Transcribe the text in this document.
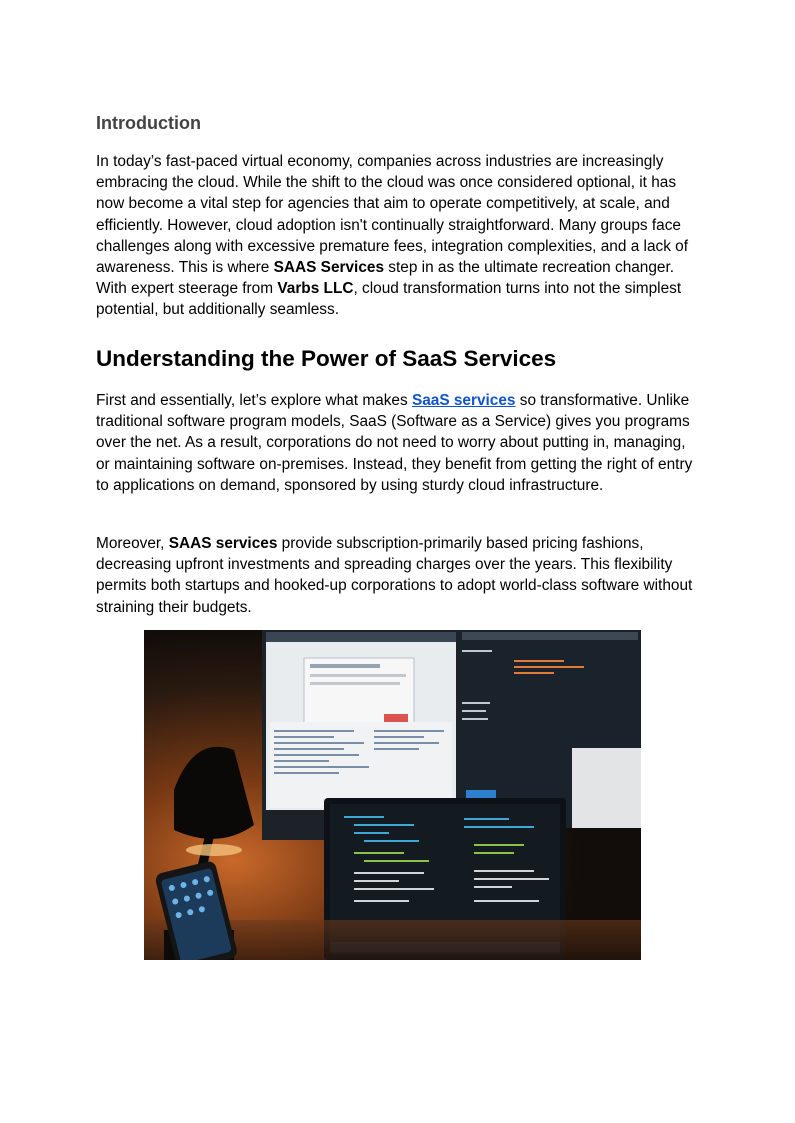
Introduction

In today’s fast-paced virtual economy, companies across industries are increasingly embracing the cloud. While the shift to the cloud was once considered optional, it has now become a vital step for agencies that aim to operate competitively, at scale, and efficiently. However, cloud adoption isn't continually straightforward. Many groups face challenges along with excessive premature fees, integration complexities, and a lack of awareness. This is where SAAS Services step in as the ultimate recreation changer. With expert steerage from Varbs LLC, cloud transformation turns into not the simplest potential, but additionally seamless.

Understanding the Power of SaaS Services

First and essentially, let’s explore what makes SaaS services so transformative. Unlike traditional software program models, SaaS (Software as a Service) gives you programs over the net. As a result, corporations do not need to worry about putting in, managing, or maintaining software on-premises. Instead, they benefit from getting the right of entry to applications on demand, sponsored by using sturdy cloud infrastructure.

Moreover, SAAS services provide subscription-primarily based pricing fashions, decreasing upfront investments and spreading charges over the years. This flexibility permits both startups and hooked-up corporations to adopt world-class software without straining their budgets.
